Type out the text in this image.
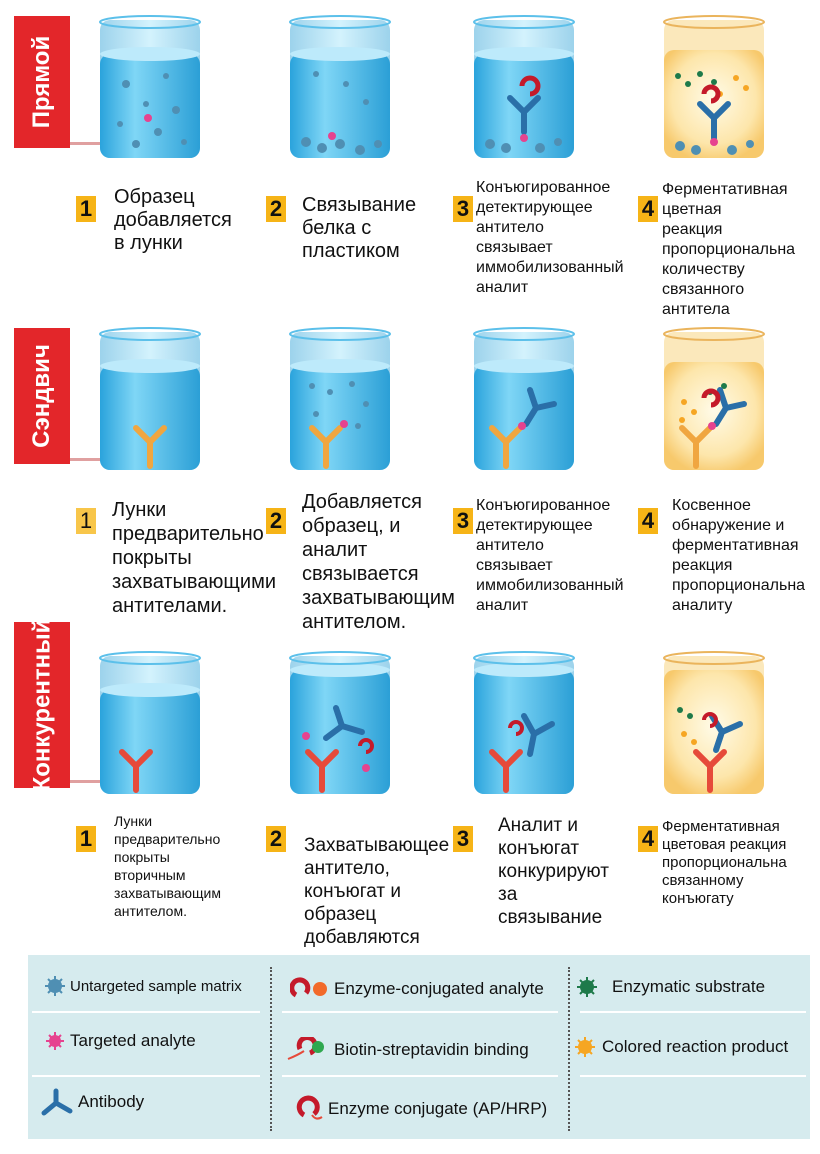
Прямой
Сэндвич
Конкурентный
1 Образец
добавляется
в лунки
2 Связывание
белка с
пластиком
3
Конъюгированное
детектирующее
антитело
связывает
иммобилизованный
аналит
4
Ферментативная
цветная
реакция
пропорциональна
количеству
связанного
антитела
1 Лунки
предварительно
покрыты
захватывающими
антителами.
2
Добавляется
образец, и
аналит
связывается
захватывающим
антителом.
3
Конъюгированное
детектирующее
антитело
связывает
иммобилизованный
аналит
4
Косвенное
обнаружение и
ферментативная
реакция
пропорциональна
аналиту
1
Лунки
предварительно
покрыты
вторичным
захватывающим
антителом.
2 Захватывающее
антитело,
конъюгат и
образец
добавляются

3
Аналит и
конъюгат
конкурируют
за
связывание
4 Ферментативная
цветовая реакция
пропорциональна
связанному
конъюгату
Untargeted sample matrix
Targeted analyte
Antibody
Enzyme-conjugated analyte
Biotin-streptavidin binding
Enzyme conjugate (AP/HRP)
Enzymatic substrate
Colored reaction product
